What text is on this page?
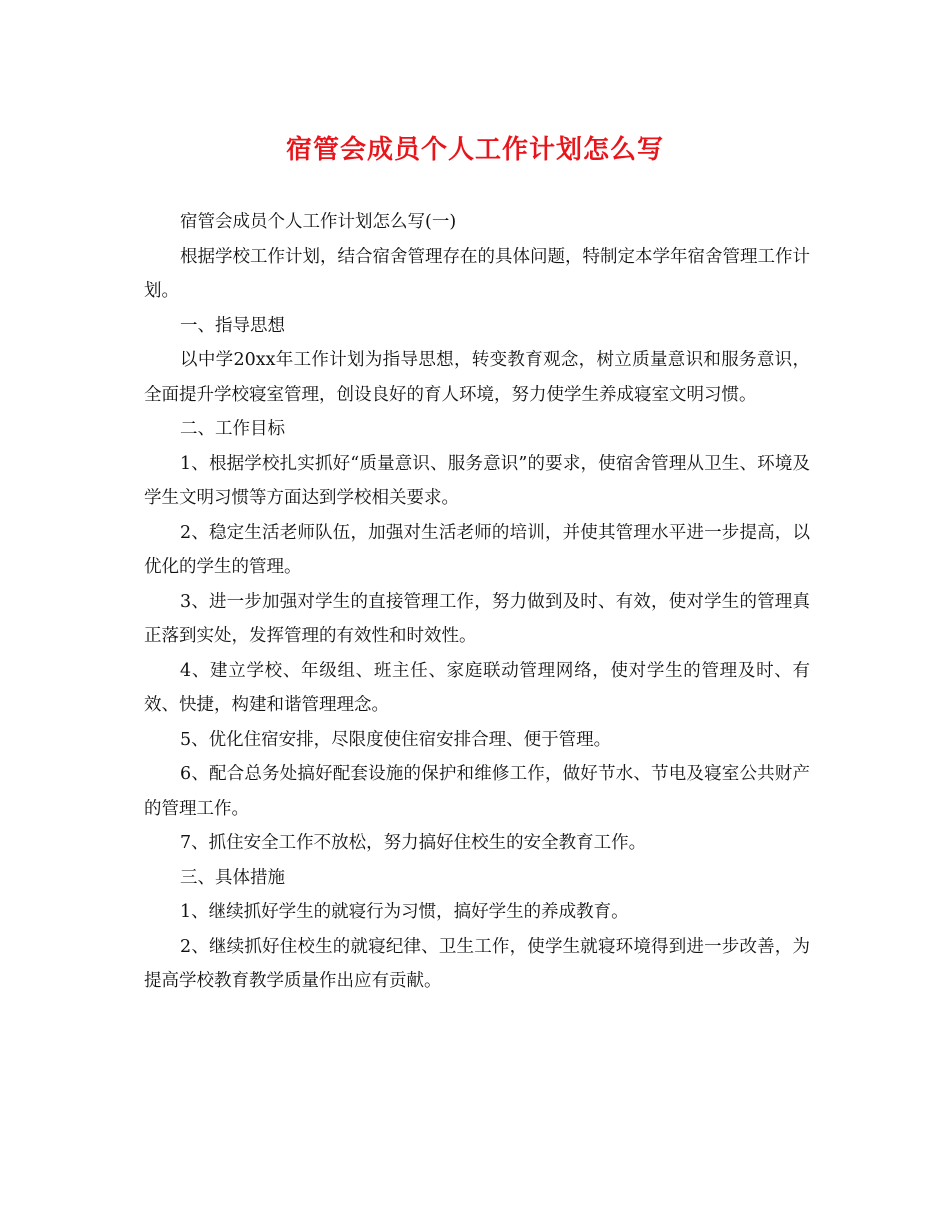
宿管会成员个人工作计划怎么写

宿管会成员个人工作计划怎么写(一)

根据学校工作计划，结合宿舍管理存在的具体问题，特制定本学年宿舍管理工作计划。

一、指导思想

以中学20xx年工作计划为指导思想，转变教育观念，树立质量意识和服务意识，全面提升学校寝室管理，创设良好的育人环境，努力使学生养成寝室文明习惯。

二、工作目标

1、根据学校扎实抓好“质量意识、服务意识”的要求，使宿舍管理从卫生、环境及学生文明习惯等方面达到学校相关要求。

2、稳定生活老师队伍，加强对生活老师的培训，并使其管理水平进一步提高，以优化的学生的管理。

3、进一步加强对学生的直接管理工作，努力做到及时、有效，使对学生的管理真正落到实处，发挥管理的有效性和时效性。

4、建立学校、年级组、班主任、家庭联动管理网络，使对学生的管理及时、有效、快捷，构建和谐管理理念。

5、优化住宿安排，尽限度使住宿安排合理、便于管理。

6、配合总务处搞好配套设施的保护和维修工作，做好节水、节电及寝室公共财产的管理工作。

7、抓住安全工作不放松，努力搞好住校生的安全教育工作。

三、具体措施

1、继续抓好学生的就寝行为习惯，搞好学生的养成教育。

2、继续抓好住校生的就寝纪律、卫生工作，使学生就寝环境得到进一步改善，为提高学校教育教学质量作出应有贡献。
